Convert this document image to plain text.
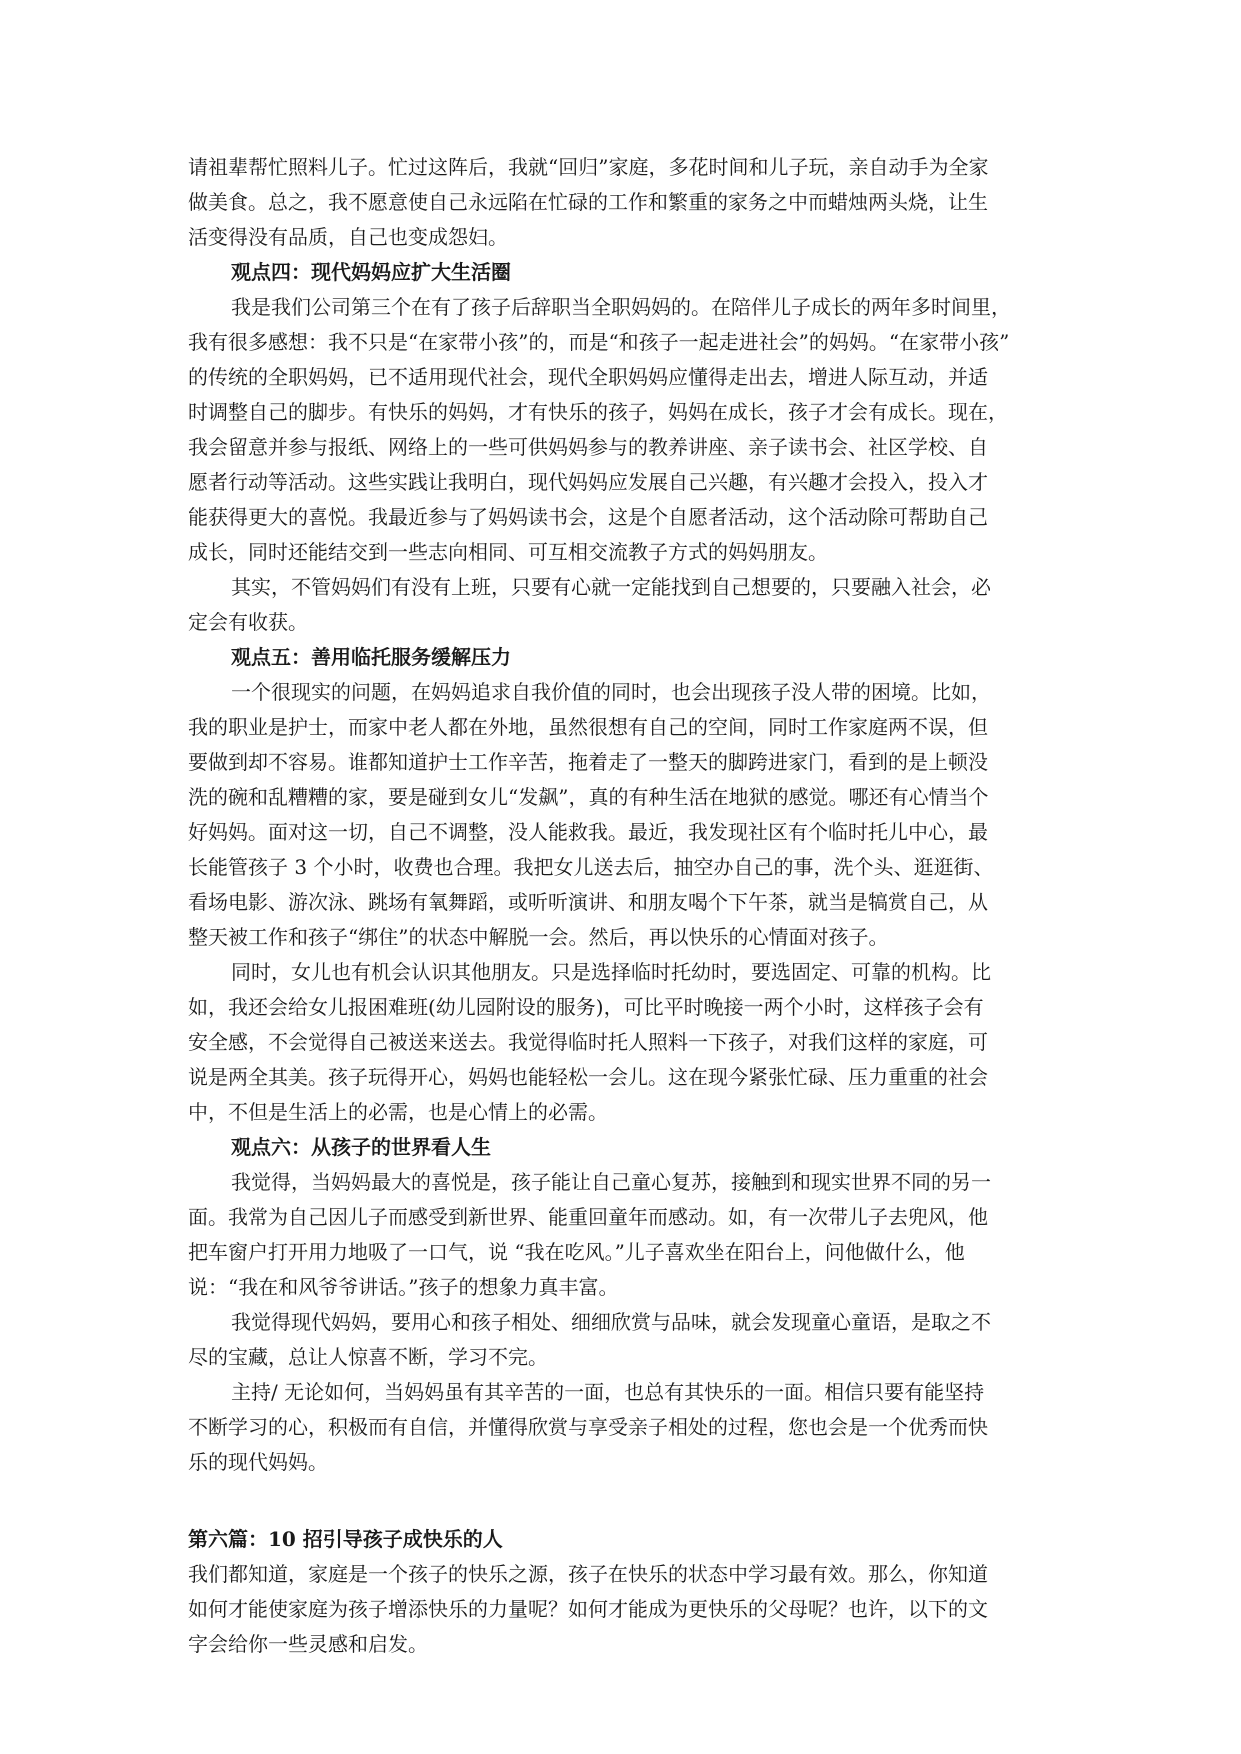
请祖辈帮忙照料儿子。忙过这阵后，我就“回归”家庭，多花时间和儿子玩，亲自动手为全家
做美食。总之，我不愿意使自己永远陷在忙碌的工作和繁重的家务之中而蜡烛两头烧，让生
活变得没有品质，自己也变成怨妇。
观点四：现代妈妈应扩大生活圈
我是我们公司第三个在有了孩子后辞职当全职妈妈的。在陪伴儿子成长的两年多时间里，
我有很多感想：我不只是“在家带小孩”的，而是“和孩子一起走进社会”的妈妈。“在家带小孩”
的传统的全职妈妈，已不适用现代社会，现代全职妈妈应懂得走出去，增进人际互动，并适
时调整自己的脚步。有快乐的妈妈，才有快乐的孩子，妈妈在成长，孩子才会有成长。现在，
我会留意并参与报纸、网络上的一些可供妈妈参与的教养讲座、亲子读书会、社区学校、自
愿者行动等活动。这些实践让我明白，现代妈妈应发展自己兴趣，有兴趣才会投入，投入才
能获得更大的喜悦。我最近参与了妈妈读书会，这是个自愿者活动，这个活动除可帮助自己
成长，同时还能结交到一些志向相同、可互相交流教子方式的妈妈朋友。
其实，不管妈妈们有没有上班，只要有心就一定能找到自己想要的，只要融入社会，必
定会有收获。
观点五：善用临托服务缓解压力
一个很现实的问题，在妈妈追求自我价值的同时，也会出现孩子没人带的困境。比如，
我的职业是护士，而家中老人都在外地，虽然很想有自己的空间，同时工作家庭两不误，但
要做到却不容易。谁都知道护士工作辛苦，拖着走了一整天的脚跨进家门，看到的是上顿没
洗的碗和乱糟糟的家，要是碰到女儿“发飙”，真的有种生活在地狱的感觉。哪还有心情当个
好妈妈。面对这一切，自己不调整，没人能救我。最近，我发现社区有个临时托儿中心，最
长能管孩子 3 个小时，收费也合理。我把女儿送去后，抽空办自己的事，洗个头、逛逛街、
看场电影、游次泳、跳场有氧舞蹈，或听听演讲、和朋友喝个下午茶，就当是犒赏自己，从
整天被工作和孩子“绑住”的状态中解脱一会。然后，再以快乐的心情面对孩子。
同时，女儿也有机会认识其他朋友。只是选择临时托幼时，要选固定、可靠的机构。比
如，我还会给女儿报困难班(幼儿园附设的服务)，可比平时晚接一两个小时，这样孩子会有
安全感，不会觉得自己被送来送去。我觉得临时托人照料一下孩子，对我们这样的家庭，可
说是两全其美。孩子玩得开心，妈妈也能轻松一会儿。这在现今紧张忙碌、压力重重的社会
中，不但是生活上的必需，也是心情上的必需。
观点六：从孩子的世界看人生
我觉得，当妈妈最大的喜悦是，孩子能让自己童心复苏，接触到和现实世界不同的另一
面。我常为自己因儿子而感受到新世界、能重回童年而感动。如，有一次带儿子去兜风，他
把车窗户打开用力地吸了一口气，说 “我在吃风。”儿子喜欢坐在阳台上，问他做什么，他
说：“我在和风爷爷讲话。”孩子的想象力真丰富。
我觉得现代妈妈，要用心和孩子相处、细细欣赏与品味，就会发现童心童语，是取之不
尽的宝藏，总让人惊喜不断，学习不完。
主持/ 无论如何，当妈妈虽有其辛苦的一面，也总有其快乐的一面。相信只要有能坚持
不断学习的心，积极而有自信，并懂得欣赏与享受亲子相处的过程，您也会是一个优秀而快
乐的现代妈妈。
第六篇：10 招引导孩子成快乐的人
我们都知道，家庭是一个孩子的快乐之源，孩子在快乐的状态中学习最有效。那么，你知道
如何才能使家庭为孩子增添快乐的力量呢？如何才能成为更快乐的父母呢？也许，以下的文
字会给你一些灵感和启发。
